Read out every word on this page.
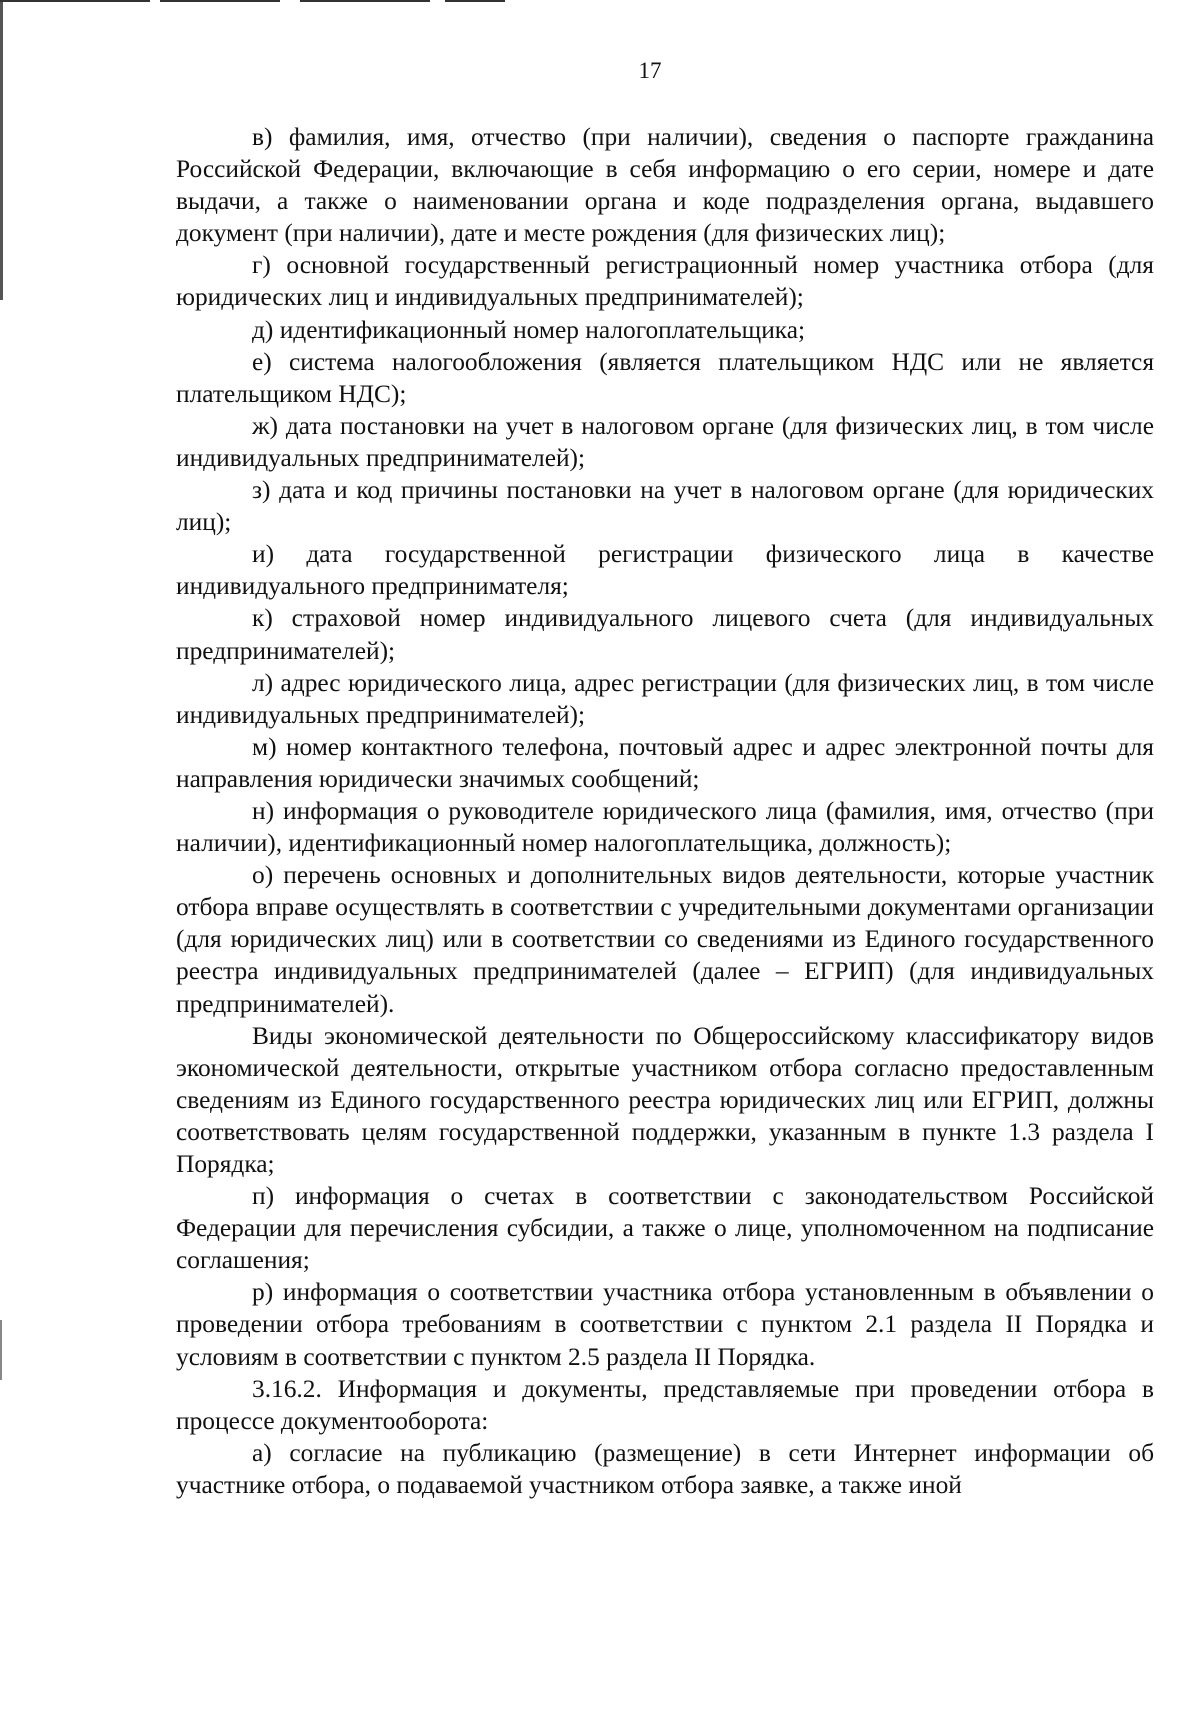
17

в) фамилия, имя, отчество (при наличии), сведения о паспорте гражданина Российской Федерации, включающие в себя информацию о его серии, номере и дате выдачи, а также о наименовании органа и коде подразделения органа, выдавшего документ (при наличии), дате и месте рождения (для физических лиц);

г) основной государственный регистрационный номер участника отбора (для юридических лиц и индивидуальных предпринимателей);

д) идентификационный номер налогоплательщика;

е) система налогообложения (является плательщиком НДС или не является плательщиком НДС);

ж) дата постановки на учет в налоговом органе (для физических лиц, в том числе индивидуальных предпринимателей);

з) дата и код причины постановки на учет в налоговом органе (для юридических лиц);

и) дата государственной регистрации физического лица в качестве индивидуального предпринимателя;

к) страховой номер индивидуального лицевого счета (для индивидуальных предпринимателей);

л) адрес юридического лица, адрес регистрации (для физических лиц, в том числе индивидуальных предпринимателей);

м) номер контактного телефона, почтовый адрес и адрес электронной почты для направления юридически значимых сообщений;

н) информация о руководителе юридического лица (фамилия, имя, отчество (при наличии), идентификационный номер налогоплательщика, должность);

о) перечень основных и дополнительных видов деятельности, которые участник отбора вправе осуществлять в соответствии с учредительными документами организации (для юридических лиц) или в соответствии со сведениями из Единого государственного реестра индивидуальных предпринимателей (далее – ЕГРИП) (для индивидуальных предпринимателей).

Виды экономической деятельности по Общероссийскому классификатору видов экономической деятельности, открытые участником отбора согласно предоставленным сведениям из Единого государственного реестра юридических лиц или ЕГРИП, должны соответствовать целям государственной поддержки, указанным в пункте 1.3 раздела I Порядка;

п) информация о счетах в соответствии с законодательством Российской Федерации для перечисления субсидии, а также о лице, уполномоченном на подписание соглашения;

р) информация о соответствии участника отбора установленным в объявлении о проведении отбора требованиям в соответствии с пунктом 2.1 раздела II Порядка и условиям в соответствии с пунктом 2.5 раздела II Порядка.

3.16.2. Информация и документы, представляемые при проведении отбора в процессе документооборота:

а) согласие на публикацию (размещение) в сети Интернет информации об участнике отбора, о подаваемой участником отбора заявке, а также иной
